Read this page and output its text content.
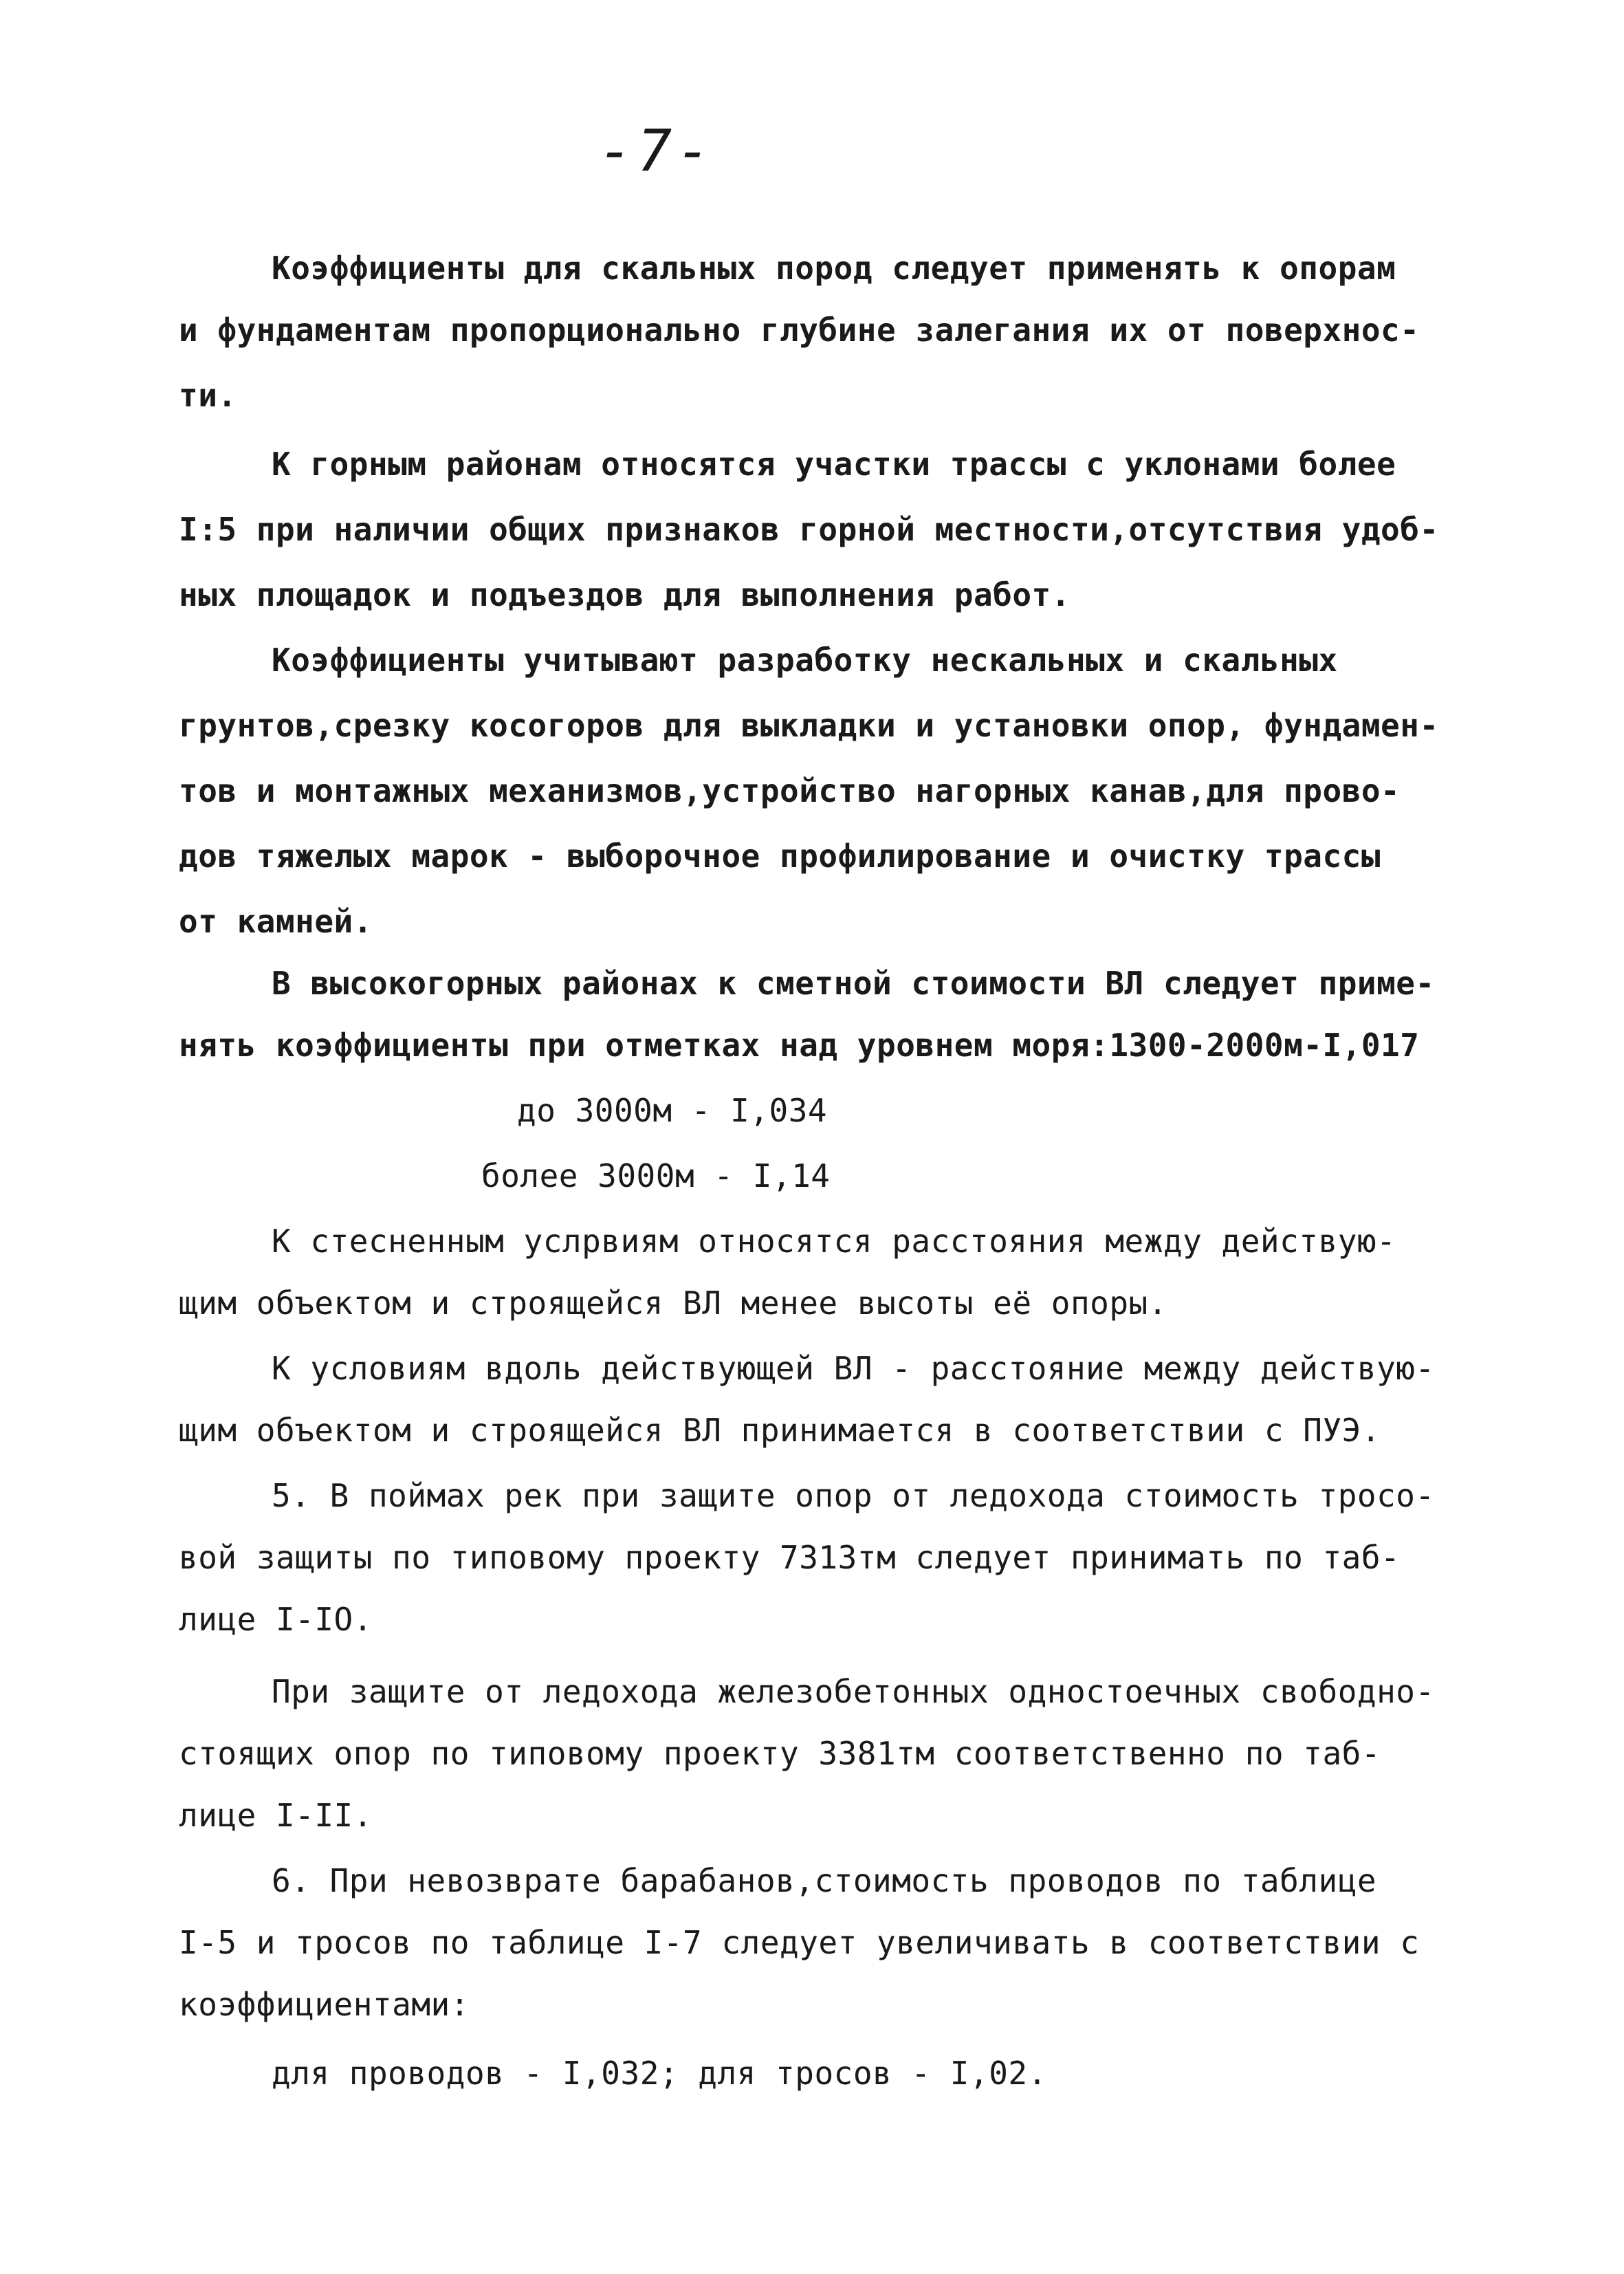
-7-
Коэффициенты для скальных пород следует применять к опорам
и фундаментам пропорционально глубине залегания их от поверхнос-
ти.
К горным районам относятся участки трассы с уклонами более
I:5 при наличии общих признаков горной местности,отсутствия удоб-
ных площадок и подъездов для выполнения работ.
Коэффициенты учитывают разработку нескальных и скальных
грунтов,срезку косогоров для выкладки и установки опор, фундамен-
тов и монтажных механизмов,устройство нагорных канав,для прово-
дов тяжелых марок - выборочное профилирование и очистку трассы
от камней.
В высокогорных районах к сметной стоимости ВЛ следует приме-
нять коэффициенты при отметках над уровнем моря:1300-2000м-I,017
до 3000м - I,034
более 3000м - I,14
К стесненным услрвиям относятся расстояния между действую-
щим объектом и строящейся ВЛ менее высоты её опоры.
К условиям вдоль действующей ВЛ - расстояние между действую-
щим объектом и строящейся ВЛ принимается в соответствии с ПУЭ.
5. В поймах рек при защите опор от ледохода стоимость тросо-
вой защиты по типовому проекту 7313тм следует принимать по таб-
лице I-IO.
При защите от ледохода железобетонных одностоечных свободно-
стоящих опор по типовому проекту 3381тм соответственно по таб-
лице I-II.
6. При невозврате барабанов,стоимость проводов по таблице
I-5 и тросов по таблице I-7 следует увеличивать в соответствии с
коэффициентами:
для проводов - I,032; для тросов - I,02.
